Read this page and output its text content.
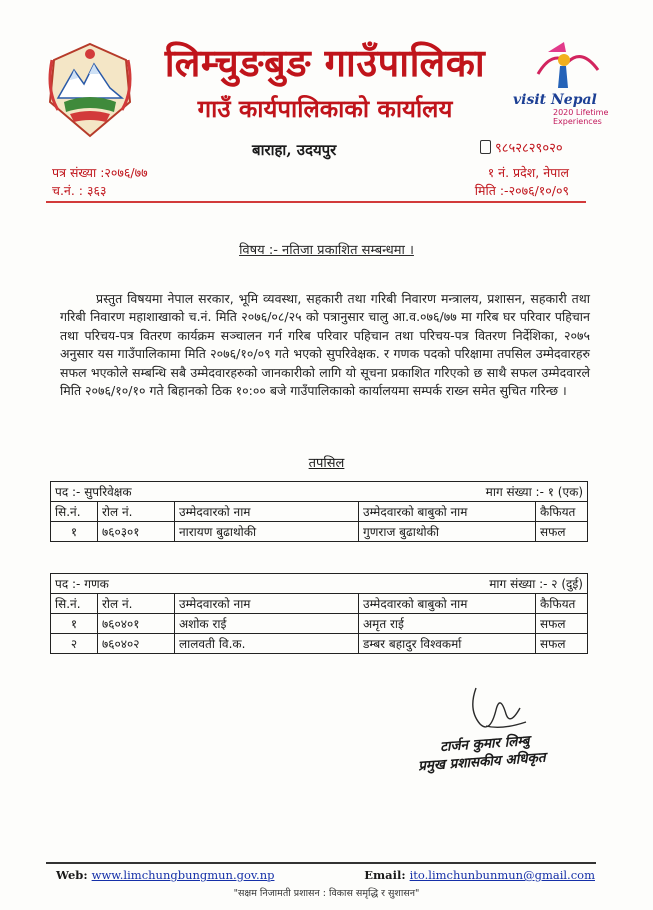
लिम्चुङबुङ गाउँपालिका
गाउँ कार्यपालिकाको कार्यालय	visit Nepal
2020 Lifetime Experiences
बाराहा, उदयपुर	९८५२८२९०२०
पत्र संख्या :२०७६/७७
च.नं. : ३६३
१ नं. प्रदेश, नेपाल
मिति :-२०७६/१०/०९
विषय :- नतिजा प्रकाशित सम्बन्धमा ।
प्रस्तुत विषयमा नेपाल सरकार, भूमि व्यवस्था, सहकारी तथा गरिबी निवारण मन्त्रालय, प्रशासन, सहकारी तथा गरिबी निवारण महाशाखाको च.नं. मिति २०७६/०८/२५ को पत्रानुसार चालु आ.व.०७६/७७ मा गरिब घर परिवार पहिचान तथा परिचय-पत्र वितरण कार्यक्रम सञ्चालन गर्न गरिब परिवार पहिचान तथा परिचय-पत्र वितरण निर्देशिका, २०७५ अनुसार यस गाउँपालिकामा मिति २०७६/१०/०९ गते भएको सुपरिवेक्षक. र गणक पदको परिक्षामा तपसिल उम्मेदवारहरु सफल भएकोले सम्बन्धि सबै उम्मेदवारहरुको जानकारीको लागि यो सूचना प्रकाशित गरिएको छ साथै सफल उम्मेदवारले मिति २०७६/१०/१० गते बिहानको ठिक १०:०० बजे गाउँपालिकाको कार्यालयमा सम्पर्क राख्न समेत सुचित गरिन्छ ।
तपसिल
पद :- सुपरिवेक्षक			माग संख्या :- १ (एक)	
सि.नं.	रोल नं.	उम्मेदवारको नाम	उम्मेदवारको बाबुको नाम	कैफियत
१	७६०३०१	नारायण बुढाथोकी	गुणराज बुढाथोकी	सफल
पद :- गणक			माग संख्या :- २ (दुई)	
सि.नं.	रोल नं.	उम्मेदवारको नाम	उम्मेदवारको बाबुको नाम	कैफियत
१	७६०४०१	अशोक राई	अमृत राई	सफल
२	७६०४०२	लालवती वि.क.	डम्बर बहादुर विश्वकर्मा	सफल
टार्जन कुमार लिम्बु
प्रमुख प्रशासकीय अधिकृत
Web: www.limchungbungmun.gov.np	Email: ito.limchunbunmun@gmail.com
"सक्षम निजामती प्रशासन : विकास समृद्धि र सुशासन"
